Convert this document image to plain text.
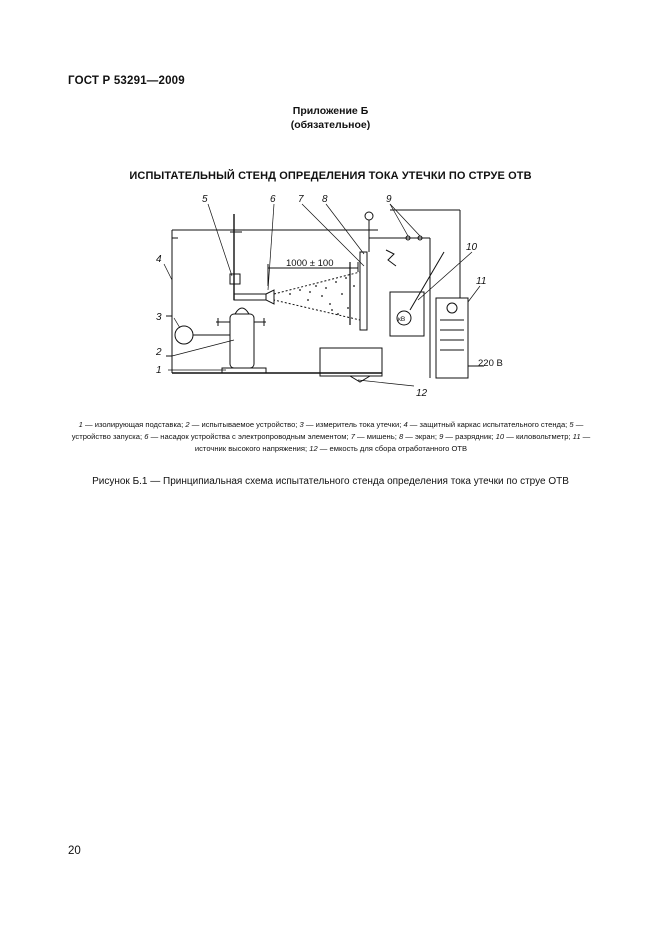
ГОСТ Р 53291—2009
Приложение Б
(обязательное)
ИСПЫТАТЕЛЬНЫЙ СТЕНД ОПРЕДЕЛЕНИЯ ТОКА УТЕЧКИ ПО СТРУЕ ОТВ
1
2
3
4
5	6 7 8	9
10
11
12
1000 ± 100
220 В
кВ
1 — изолирующая подставка; 2 — испытываемое устройство; 3 — измеритель тока утечки; 4 — защитный каркас испытательного стенда; 5 — устройство запуска; 6 — насадок устройства с электропроводным элементом; 7 — мишень; 8 — экран; 9 — разрядник; 10 — киловольтметр; 11 — источник высокого напряжения; 12 — емкость для сбора отработанного ОТВ
Рисунок Б.1 — Принципиальная схема испытательного стенда определения тока утечки по струе ОТВ
20
